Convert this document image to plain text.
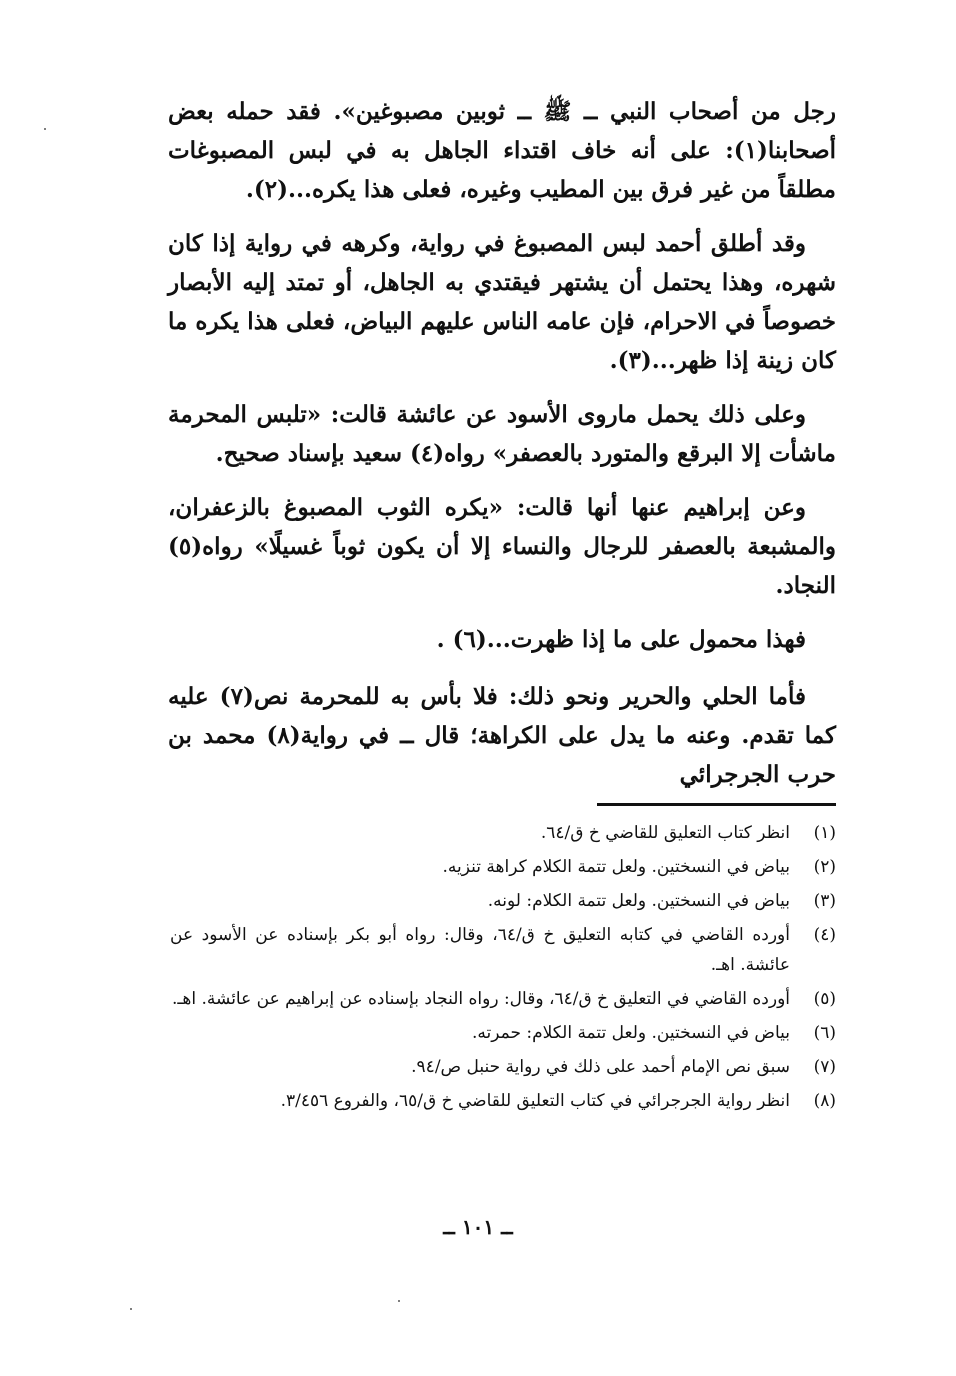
رجل من أصحاب النبي ــ ﷺ ــ ثوبين مصبوغين». فقد حمله بعض أصحابنا(١): على أنه خاف اقتداء الجاهل به في لبس المصبوغات مطلقاً من غير فرق بين المطيب وغيره، فعلى هذا يكره...(٢).

وقد أطلق أحمد لبس المصبوغ في رواية، وكرهه في رواية إذا كان شهره، وهذا يحتمل أن يشتهر فيقتدي به الجاهل، أو تمتد إليه الأبصار خصوصاً في الاحرام، فإن عامه الناس عليهم البياض، فعلى هذا يكره ما كان زينة إذا ظهر...(٣).

وعلى ذلك يحمل ماروى الأسود عن عائشة قالت: «تلبس المحرمة ماشأت إلا البرقع والمتورد بالعصفر» رواه(٤) سعيد بإسناد صحيح.

وعن إبراهيم عنها أنها قالت: «يكره الثوب المصبوغ بالزعفران، والمشبعة بالعصفر للرجال والنساء إلا أن يكون ثوباً غسيلًا» رواه(٥) النجاد.

فهذا محمول على ما إذا ظهرت...(٦) .

فأما الحلي والحرير ونحو ذلك: فلا بأس به للمحرمة نص(٧) عليه كما تقدم. وعنه ما يدل على الكراهة؛ قال ــ في رواية(٨) محمد بن حرب الجرجرائي

(١)
انظر كتاب التعليق للقاضي خ ق/٦٤.
(٢)
بياض في النسختين. ولعل تتمة الكلام كراهة تنزيه.
(٣)
بياض في النسختين. ولعل تتمة الكلام: لونه.
(٤)
أورده القاضي في كتابه التعليق خ ق/٦٤، وقال: رواه أبو بكر بإسناده عن الأسود عن عائشة. اهـ.
(٥)
أورده القاضي في التعليق خ ق/٦٤، وقال: رواه النجاد بإسناده عن إبراهيم عن عائشة. اهـ.
(٦)
بياض في النسختين. ولعل تتمة الكلام: حمرته.
(٧)
سبق نص الإمام أحمد على ذلك في رواية حنبل ص/٩٤.
(٨)
انظر رواية الجرجرائي في كتاب التعليق للقاضي خ ق/٦٥، والفروع ٣/٤٥٦.
ــ ١٠١ ــ
